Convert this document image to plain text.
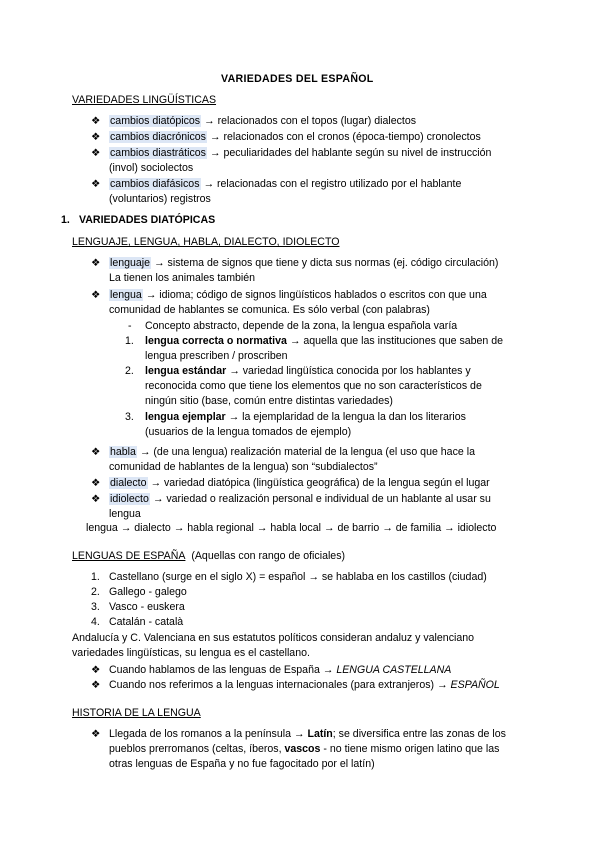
VARIEDADES DEL ESPAÑOL
VARIEDADES LINGÜÍSTICAS
❖ cambios diatópicos → relacionados con el topos (lugar) dialectos
❖ cambios diacrónicos → relacionados con el cronos (época-tiempo) cronolectos
❖ cambios diastráticos → peculiaridades del hablante según su nivel de instrucción
(invol) sociolectos
❖ cambios diafásicos → relacionadas con el registro utilizado por el hablante
(voluntarios) registros
1. VARIEDADES DIATÓPICAS
LENGUAJE, LENGUA, HABLA, DIALECTO, IDIOLECTO
❖ lenguaje → sistema de signos que tiene y dicta sus normas (ej. código circulación)
La tienen los animales también
❖ lengua → idioma; código de signos lingüísticos hablados o escritos con que una
comunidad de hablantes se comunica. Es sólo verbal (con palabras)
- Concepto abstracto, depende de la zona, la lengua española varía
1. lengua correcta o normativa → aquella que las instituciones que saben de
lengua prescriben / proscriben
2. lengua estándar → variedad lingüística conocida por los hablantes y
reconocida como que tiene los elementos que no son característicos de
ningún sitio (base, común entre distintas variedades)
3. lengua ejemplar → la ejemplaridad de la lengua la dan los literarios
(usuarios de la lengua tomados de ejemplo)
❖ habla → (de una lengua) realización material de la lengua (el uso que hace la
comunidad de hablantes de la lengua) son “subdialectos”
❖ dialecto → variedad diatópica (lingüística geográfica) de la lengua según el lugar
❖ idiolecto → variedad o realización personal e individual de un hablante al usar su
lengua
lengua → dialecto → habla regional → habla local → de barrio → de familia → idiolecto
LENGUAS DE ESPAÑA (Aquellas con rango de oficiales)
1. Castellano (surge en el siglo X) = español → se hablaba en los castillos (ciudad)
2. Gallego - galego
3. Vasco - euskera
4. Catalán - català
Andalucía y C. Valenciana en sus estatutos políticos consideran andaluz y valenciano
variedades lingüísticas, su lengua es el castellano.
❖ Cuando hablamos de las lenguas de España → LENGUA CASTELLANA
❖ Cuando nos referimos a la lenguas internacionales (para extranjeros) → ESPAÑOL
HISTORIA DE LA LENGUA
❖ Llegada de los romanos a la península → Latín; se diversifica entre las zonas de los
pueblos prerromanos (celtas, íberos, vascos - no tiene mismo origen latino que las
otras lenguas de España y no fue fagocitado por el latín)
